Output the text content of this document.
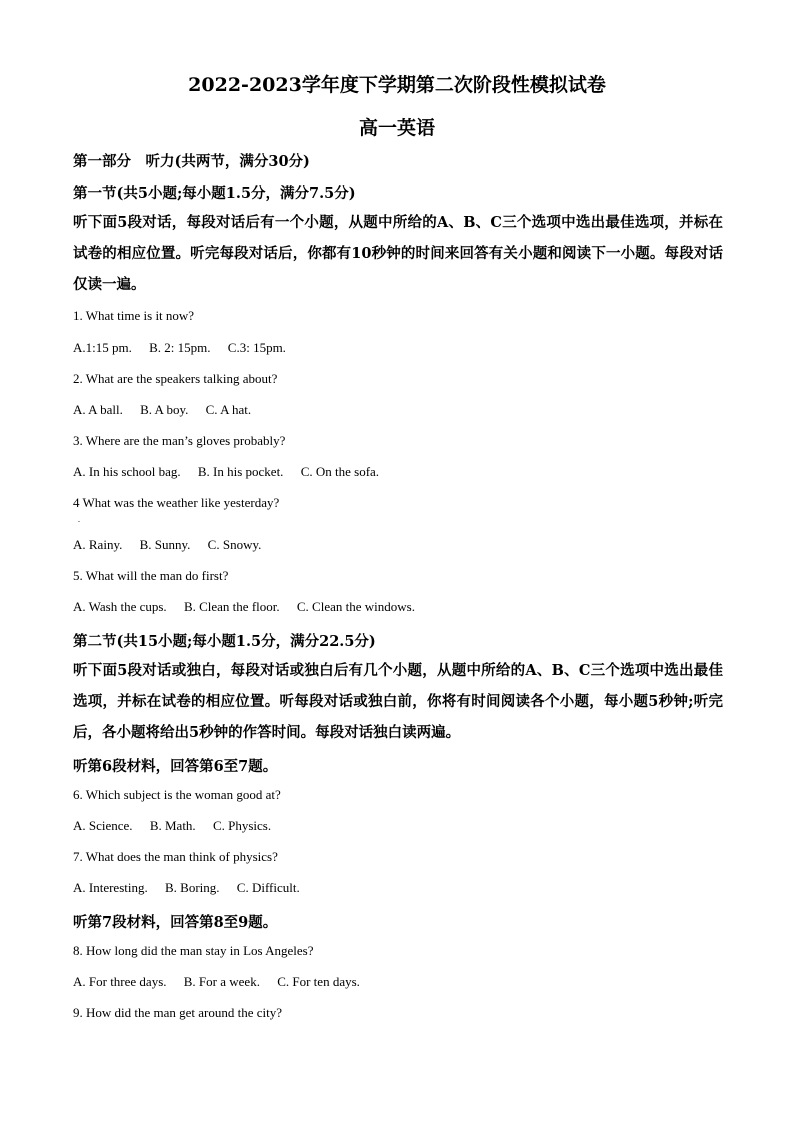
2022-2023学年度下学期第二次阶段性模拟试卷
高一英语
第一部分　听力(共两节，满分30分)
第一节(共5小题;每小题1.5分，满分7.5分)
听下面5段对话，每段对话后有一个小题，从题中所给的A、B、C三个选项中选出最佳选项，并标在试卷的相应位置。听完每段对话后，你都有10秒钟的时间来回答有关小题和阅读下一小题。每段对话仅读一遍。
1. What time is it now?
A.1:15 pm. B. 2: 15pm. C.3: 15pm.
2. What are the speakers talking about?
A. A ball. B. A boy. C. A hat.
3. Where are the man’s gloves probably?
A. In his school bag. B. In his pocket. C. On the sofa.
4 What was the weather like yesterday?
.
A. Rainy. B. Sunny. C. Snowy.
5. What will the man do first?
A. Wash the cups. B. Clean the floor. C. Clean the windows.
第二节(共15小题;每小题1.5分，满分22.5分)
听下面5段对话或独白，每段对话或独白后有几个小题，从题中所给的A、B、C三个选项中选出最佳选项，并标在试卷的相应位置。听每段对话或独白前，你将有时间阅读各个小题，每小题5秒钟;听完后，各小题将给出5秒钟的作答时间。每段对话独白读两遍。
听第6段材料，回答第6至7题。
6. Which subject is the woman good at?
A. Science. B. Math. C. Physics.
7. What does the man think of physics?
A. Interesting. B. Boring. C. Difficult.
听第7段材料，回答第8至9题。
8. How long did the man stay in Los Angeles?
A. For three days. B. For a week. C. For ten days.
9. How did the man get around the city?
